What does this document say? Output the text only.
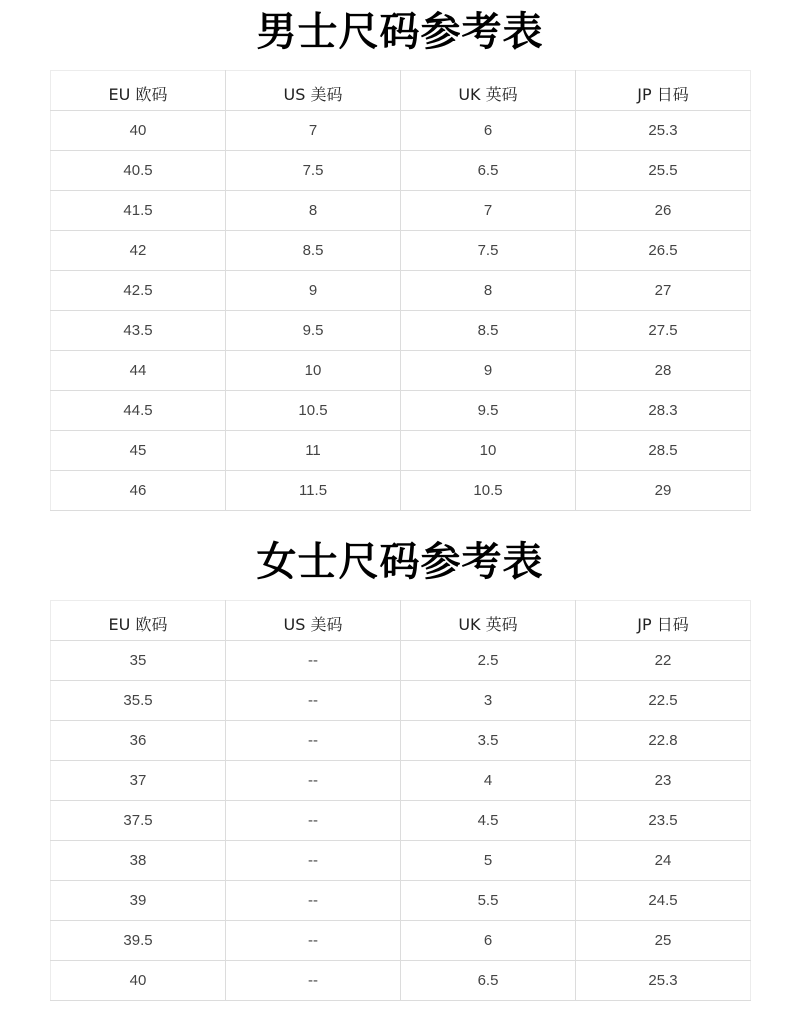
男士尺码参考表
EU 欧码	US 美码	UK 英码	JP 日码
40	7	6	25.3
40.5	7.5	6.5	25.5
41.5	8	7	26
42	8.5	7.5	26.5
42.5	9	8	27
43.5	9.5	8.5	27.5
44	10	9	28
44.5	10.5	9.5	28.3
45	11	10	28.5
46	11.5	10.5	29
女士尺码参考表
EU 欧码	US 美码	UK 英码	JP 日码
35	--	2.5	22
35.5	--	3	22.5
36	--	3.5	22.8
37	--	4	23
37.5	--	4.5	23.5
38	--	5	24
39	--	5.5	24.5
39.5	--	6	25
40	--	6.5	25.3
